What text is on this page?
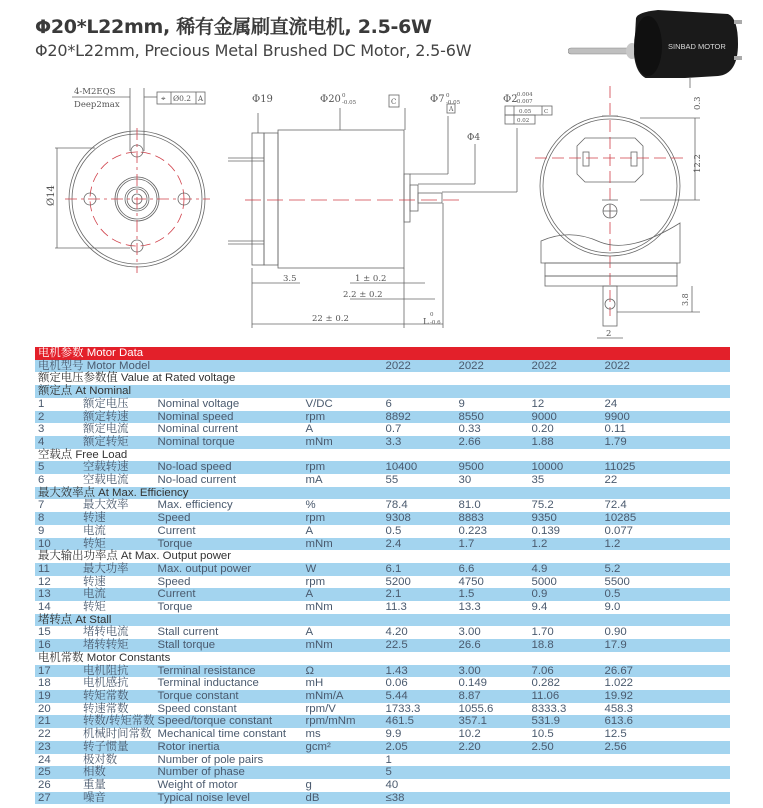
Φ20*L22mm, 稀有金属刷直流电机, 2.5-6W
Φ20*L22mm, Precious Metal Brushed DC Motor, 2.5-6W	SINBAD MOTOR
4-M2EQS
Deep2max
⌖ Ø0.2 A
Ø14
Φ19	Φ20 0
-0.05	C	Φ7 0
-0.05
A
Φ4
Φ2
-0.004
-0.007
0.05 C
0.02
3.5	1 ± 0.2
2.2 ± 0.2
22 ± 0.2	L
0
-0.6
0.3
12.2
3.8
2
电机参数 Motor Data							
电机型号 Motor Model				2022	2022	2022	2022
额定电压参数值 Value at Rated voltage							
额定点 At Nominal							
1	额定电压	Nominal voltage	V/DC	6	9	12	24
2	额定转速	Nominal speed	rpm	8892	8550	9000	9900
3	额定电流	Nominal current	A	0.7	0.33	0.20	0.11
4	额定转矩	Nominal torque	mNm	3.3	2.66	1.88	1.79
空载点 Free Load							
5	空载转速	No-load speed	rpm	10400	9500	10000	11025
6	空载电流	No-load current	mA	55	30	35	22
最大效率点 At Max. Efficiency							
7	最大效率	Max. efficiency	%	78.4	81.0	75.2	72.4
8	转速	Speed	rpm	9308	8883	9350	10285
9	电流	Current	A	0.5	0.223	0.139	0.077
10	转矩	Torque	mNm	2.4	1.7	1.2	1.2
最大输出功率点 At Max. Output power							
11	最大功率	Max. output power	W	6.1	6.6	4.9	5.2
12	转速	Speed	rpm	5200	4750	5000	5500
13	电流	Current	A	2.1	1.5	0.9	0.5
14	转矩	Torque	mNm	11.3	13.3	9.4	9.0
堵转点 At Stall							
15	堵转电流	Stall current	A	4.20	3.00	1.70	0.90
16	堵转转矩	Stall torque	mNm	22.5	26.6	18.8	17.9
电机常数 Motor Constants							
17	电机阻抗	Terminal resistance	Ω	1.43	3.00	7.06	26.67
18	电机感抗	Terminal inductance	mH	0.06	0.149	0.282	1.022
19	转矩常数	Torque constant	mNm/A	5.44	8.87	11.06	19.92
20	转速常数	Speed constant	rpm/V	1733.3	1055.6	8333.3	458.3
21	转数/转矩常数	Speed/torque constant	rpm/mNm	461.5	357.1	531.9	613.6
22	机械时间常数	Mechanical time constant	ms	9.9	10.2	10.5	12.5
23	转子惯量	Rotor inertia	gcm²	2.05	2.20	2.50	2.56
24	极对数	Number of pole pairs		1			
25	相数	Number of phase		5			
26	重量	Weight of motor	g	40			
27	噪音	Typical noise level	dB	≤38			
